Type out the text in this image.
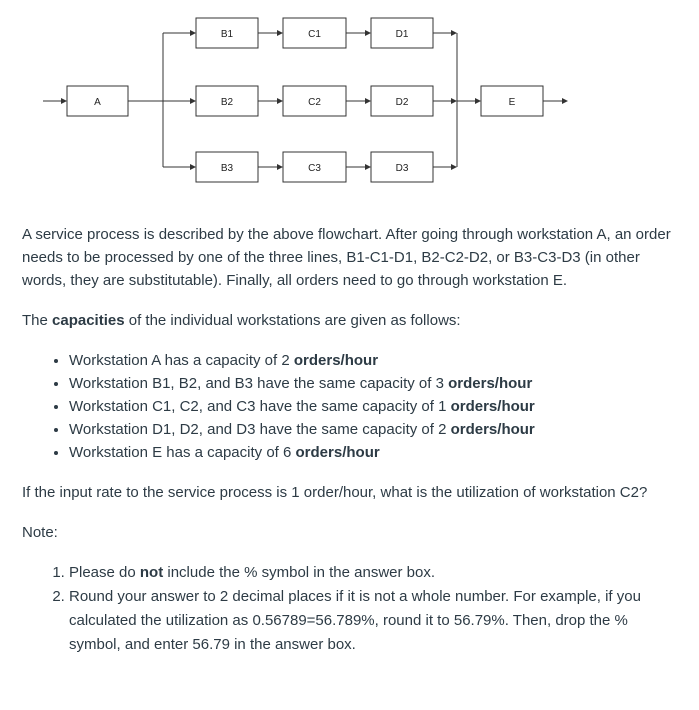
A
B1	C1	D1
B2	C2	D2
B3	C3	D3
E

A service process is described by the above flowchart. After going through workstation A, an order needs to be processed by one of the three lines, B1-C1-D1, B2-C2-D2, or B3-C3-D3 (in other words, they are substitutable). Finally, all orders need to go through workstation E.

The capacities of the individual workstations are given as follows:

• Workstation A has a capacity of 2 orders/hour
• Workstation B1, B2, and B3 have the same capacity of 3 orders/hour
• Workstation C1, C2, and C3 have the same capacity of 1 orders/hour
• Workstation D1, D2, and D3 have the same capacity of 2 orders/hour
• Workstation E has a capacity of 6 orders/hour

If the input rate to the service process is 1 order/hour, what is the utilization of workstation C2?

Note:

1. Please do not include the % symbol in the answer box.
2. Round your answer to 2 decimal places if it is not a whole number. For example, if you calculated the utilization as 0.56789=56.789%, round it to 56.79%. Then, drop the % symbol, and enter 56.79 in the answer box.
